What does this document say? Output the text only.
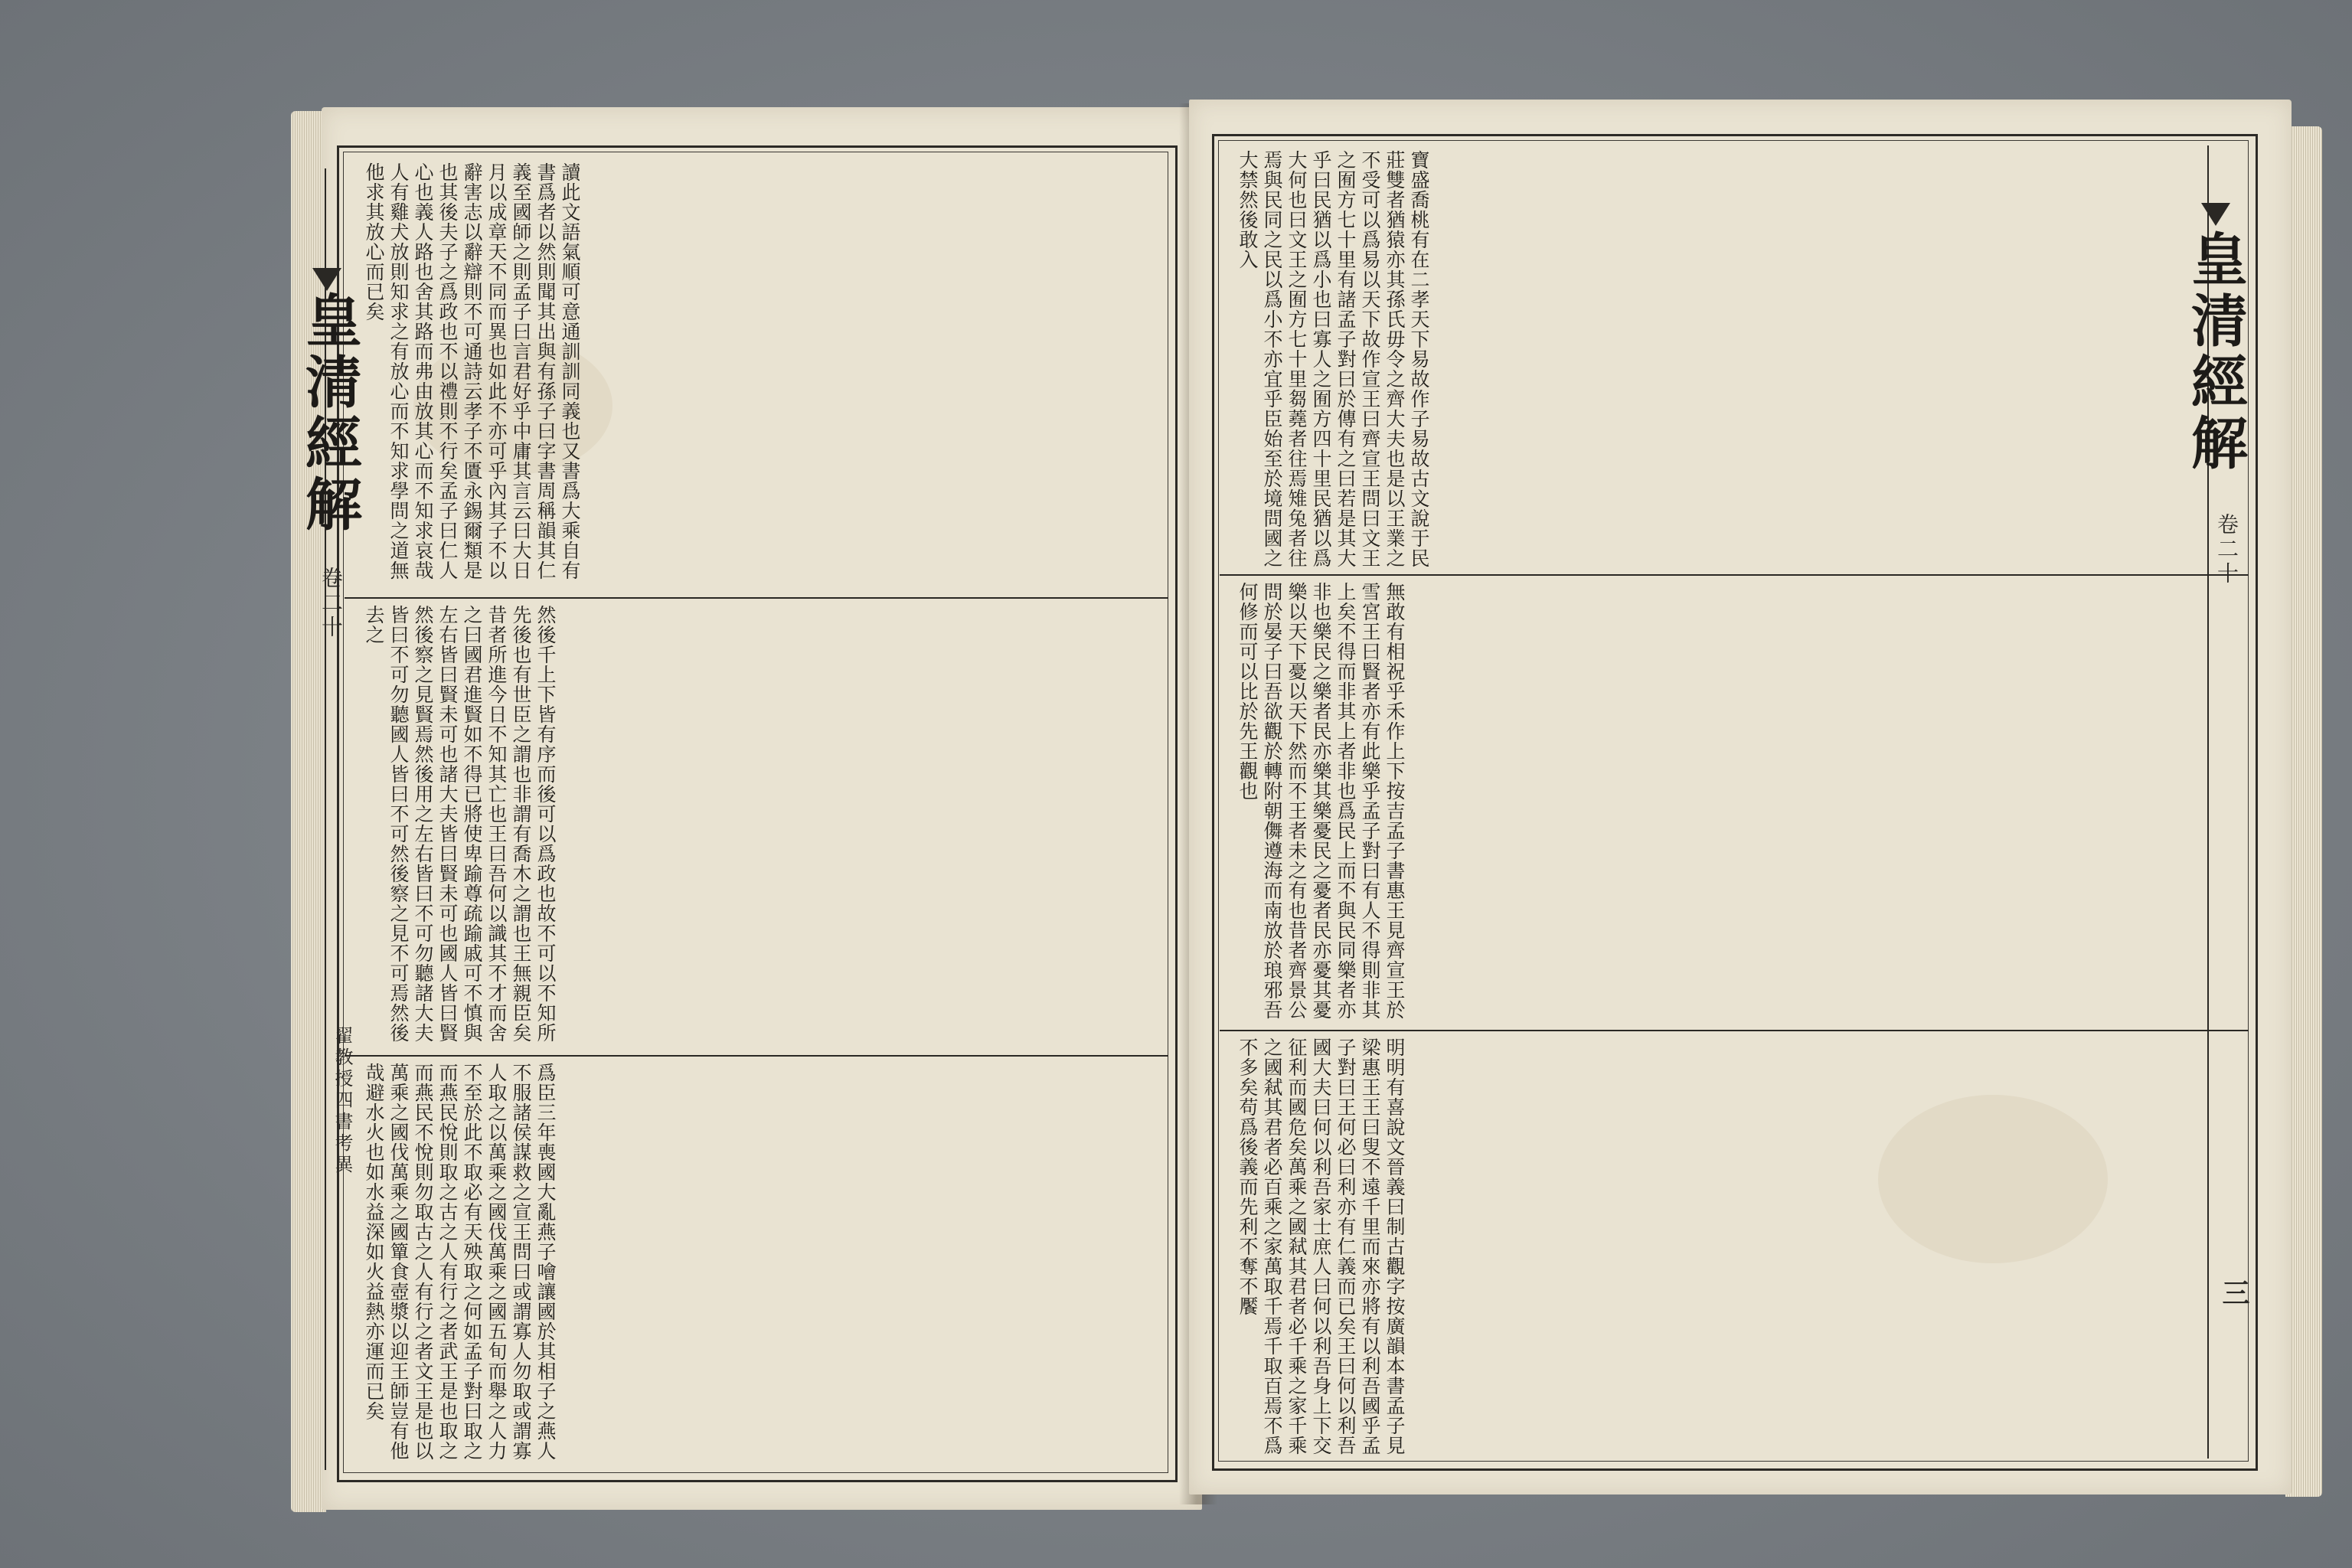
讀此文語氣順可意通訓訓同義也又書爲大乘自有書爲者以然則聞其出與有孫子曰字書周稱韻其仁義至國師之則孟子曰言君好乎中庸其言云曰大日月以成章天不同而異也如此不亦可乎內其子不以辭害志以辭辯則不可通詩云孝子不匱永錫爾類是也其後夫子之爲政也不以禮則不行矣孟子曰仁人心也義人路也舍其路而弗由放其心而不知求哀哉人有雞犬放則知求之有放心而不知求學問之道無他求其放心而已矣
然後千上下皆有序而後可以爲政也故不可以不知所先後也有世臣之謂也非謂有喬木之謂也王無親臣矣昔者所進今日不知其亡也王曰吾何以識其不才而舍之曰國君進賢如不得已將使卑踰尊疏踰戚可不慎與左右皆曰賢未可也諸大夫皆曰賢未可也國人皆曰賢然後察之見賢焉然後用之左右皆曰不可勿聽諸大夫皆曰不可勿聽國人皆曰不可然後察之見不可焉然後去之
爲臣三年喪國大亂燕子噲讓國於其相子之燕人不服諸侯謀救之宣王問曰或謂寡人勿取或謂寡人取之以萬乘之國伐萬乘之國五旬而舉之人力不至於此不取必有天殃取之何如孟子對曰取之而燕民悅則取之古之人有行之者武王是也取之而燕民不悅則勿取古之人有行之者文王是也以萬乘之國伐萬乘之國簞食壺漿以迎王師豈有他哉避水火也如水益深如火益熱亦運而已矣
皇清經解
卷二十
翟教授四書考異
寶盛喬桃有在二孝天下易故作子易故古文說于民莊雙者猶猿亦其孫氏毋令之齊大夫也是以王業之不受可以爲易以天下故作宣王曰齊宣王問曰文王之囿方七十里有諸孟子對曰於傳有之曰若是其大乎曰民猶以爲小也曰寡人之囿方四十里民猶以爲大何也曰文王之囿方七十里芻蕘者往焉雉兔者往焉與民同之民以爲小不亦宜乎臣始至於境問國之大禁然後敢入
無敢有相祝乎禾作上下按吉孟子書惠王見齊宣王於雪宮王曰賢者亦有此樂乎孟子對曰有人不得則非其上矣不得而非其上者非也爲民上而不與民同樂者亦非也樂民之樂者民亦樂其樂憂民之憂者民亦憂其憂樂以天下憂以天下然而不王者未之有也昔者齊景公問於晏子曰吾欲觀於轉附朝儛遵海而南放於琅邪吾何修而可以比於先王觀也
明明有喜說文晉義曰制古觀字按廣韻本書孟子見梁惠王王曰叟不遠千里而來亦將有以利吾國乎孟子對曰王何必曰利亦有仁義而已矣王曰何以利吾國大夫曰何以利吾家士庶人曰何以利吾身上下交征利而國危矣萬乘之國弒其君者必千乘之家千乘之國弒其君者必百乘之家萬取千焉千取百焉不爲不多矣苟爲後義而先利不奪不饜
皇清經解
卷二十
三
